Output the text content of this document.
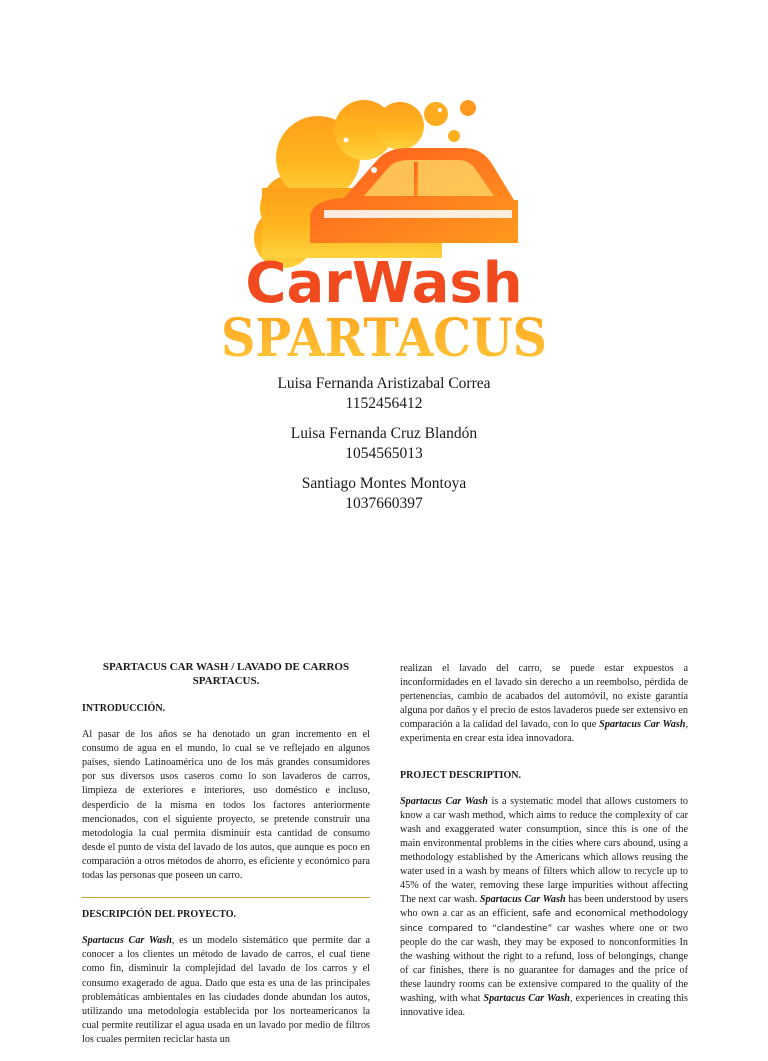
CarWash
SPARTACUS
Luisa Fernanda Aristizabal Correa
1152456412
Luisa Fernanda Cruz Blandón
1054565013
Santiago Montes Montoya
1037660397
SPARTACUS CAR WASH / LAVADO DE CARROS SPARTACUS.
INTRODUCCIÓN.

Al pasar de los años se ha denotado un gran incremento en el consumo de agua en el mundo, lo cual se ve reflejado en algunos países, siendo Latinoamérica uno de los más grandes consumidores por sus diversos usos caseros como lo son lavaderos de carros, limpieza de exteriores e interiores, uso doméstico e incluso, desperdicio de la misma en todos los factores anteriormente mencionados, con el siguiente proyecto, se pretende construir una metodología la cual permita disminuir esta cantidad de consumo desde el punto de vista del lavado de los autos, que aunque es poco en comparación a otros métodos de ahorro, es eficiente y económico para todas las personas que poseen un carro.

DESCRIPCIÓN DEL PROYECTO.

Spartacus Car Wash, es un modelo sistemático que permite dar a conocer a los clientes un método de lavado de carros, el cual tiene como fin, disminuir la complejidad del lavado de los carros y el consumo exagerado de agua. Dado que esta es una de las principales problemáticas ambientales en las ciudades donde abundan los autos, utilizando una metodología establecida por los norteamericanos la cual permite reutilizar el agua usada en un lavado por medio de filtros los cuales permiten reciclar hasta un

realizan el lavado del carro, se puede estar expuestos a inconformidades en el lavado sin derecho a un reembolso, pérdida de pertenencias, cambio de acabados del automóvil, no existe garantía alguna por daños y el precio de estos lavaderos puede ser extensivo en comparación a la calidad del lavado, con lo que Spartacus Car Wash, experimenta en crear esta idea innovadora.

PROJECT DESCRIPTION.

Spartacus Car Wash is a systematic model that allows customers to know a car wash method, which aims to reduce the complexity of car wash and exaggerated water consumption, since this is one of the main environmental problems in the cities where cars abound, using a methodology established by the Americans which allows reusing the water used in a wash by means of filters which allow to recycle up to 45% of the water, removing these large impurities without affecting The next car wash. Spartacus Car Wash has been understood by users who own a car as an efficient, safe and economical methodology since compared to “clandestine” car washes where one or two people do the car wash, they may be exposed to nonconformities In the washing without the right to a refund, loss of belongings, change of car finishes, there is no guarantee for damages and the price of these laundry rooms can be extensive compared to the quality of the washing, with what Spartacus Car Wash, experiences in creating this innovative idea.
